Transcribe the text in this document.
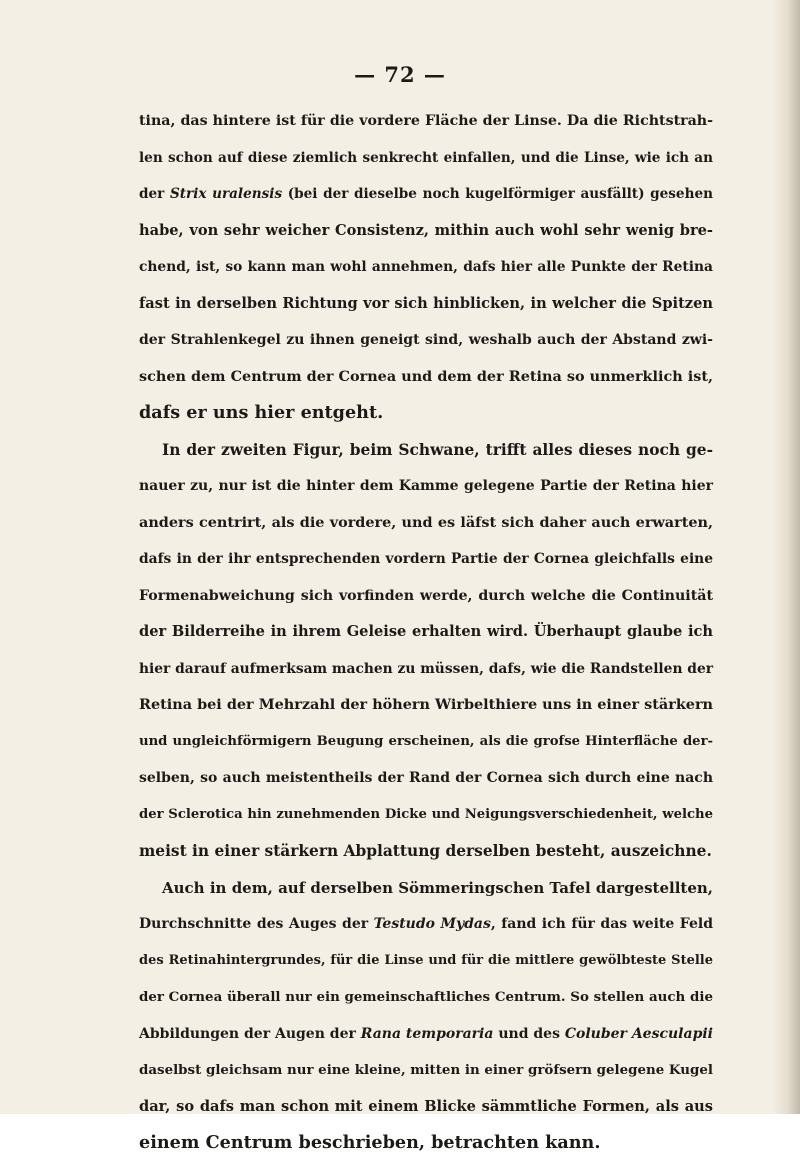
— 72 —
tina, das hintere ist für die vordere Fläche der Linse. Da die Richtstrah-
len schon auf diese ziemlich senkrecht einfallen, und die Linse, wie ich an
der Strix uralensis (bei der dieselbe noch kugelförmiger ausfällt) gesehen
habe, von sehr weicher Consistenz, mithin auch wohl sehr wenig bre-
chend, ist, so kann man wohl annehmen, dafs hier alle Punkte der Retina
fast in derselben Richtung vor sich hinblicken, in welcher die Spitzen
der Strahlenkegel zu ihnen geneigt sind, weshalb auch der Abstand zwi-
schen dem Centrum der Cornea und dem der Retina so unmerklich ist,
dafs er uns hier entgeht.
In der zweiten Figur, beim Schwane, trifft alles dieses noch ge-
nauer zu, nur ist die hinter dem Kamme gelegene Partie der Retina hier
anders centrirt, als die vordere, und es läfst sich daher auch erwarten,
dafs in der ihr entsprechenden vordern Partie der Cornea gleichfalls eine
Formenabweichung sich vorfinden werde, durch welche die Continuität
der Bilderreihe in ihrem Geleise erhalten wird. Überhaupt glaube ich
hier darauf aufmerksam machen zu müssen, dafs, wie die Randstellen der
Retina bei der Mehrzahl der höhern Wirbelthiere uns in einer stärkern
und ungleichförmigern Beugung erscheinen, als die grofse Hinterfläche der-
selben, so auch meistentheils der Rand der Cornea sich durch eine nach
der Sclerotica hin zunehmenden Dicke und Neigungsverschiedenheit, welche
meist in einer stärkern Abplattung derselben besteht, auszeichne.
Auch in dem, auf derselben Sömmeringschen Tafel dargestellten,
Durchschnitte des Auges der Testudo Mydas, fand ich für das weite Feld
des Retinahintergrundes, für die Linse und für die mittlere gewölbteste Stelle
der Cornea überall nur ein gemeinschaftliches Centrum. So stellen auch die
Abbildungen der Augen der Rana temporaria und des Coluber Aesculapii
daselbst gleichsam nur eine kleine, mitten in einer gröfsern gelegene Kugel
dar, so dafs man schon mit einem Blicke sämmtliche Formen, als aus
einem Centrum beschrieben, betrachten kann.
